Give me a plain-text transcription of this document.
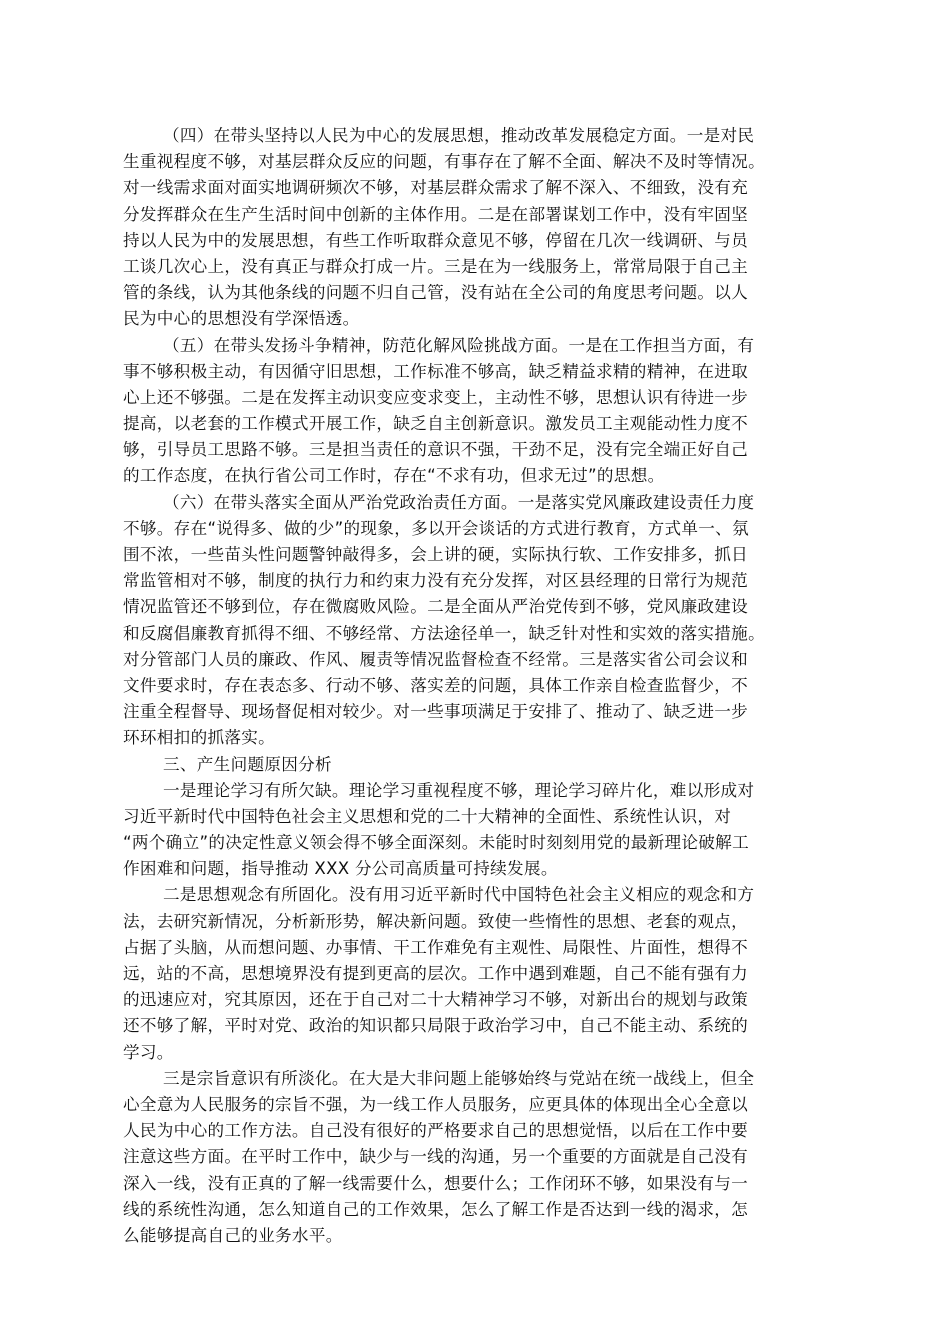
（四）在带头坚持以人民为中心的发展思想，推动改革发展稳定方面。一是对民
生重视程度不够，对基层群众反应的问题，有事存在了解不全面、解决不及时等情况。
对一线需求面对面实地调研频次不够，对基层群众需求了解不深入、不细致，没有充
分发挥群众在生产生活时间中创新的主体作用。二是在部署谋划工作中，没有牢固坚
持以人民为中的发展思想，有些工作听取群众意见不够，停留在几次一线调研、与员
工谈几次心上，没有真正与群众打成一片。三是在为一线服务上，常常局限于自己主
管的条线，认为其他条线的问题不归自己管，没有站在全公司的角度思考问题。以人
民为中心的思想没有学深悟透。
（五）在带头发扬斗争精神，防范化解风险挑战方面。一是在工作担当方面，有
事不够积极主动，有因循守旧思想，工作标准不够高，缺乏精益求精的精神，在进取
心上还不够强。二是在发挥主动识变应变求变上，主动性不够，思想认识有待进一步
提高，以老套的工作模式开展工作，缺乏自主创新意识。激发员工主观能动性力度不
够，引导员工思路不够。三是担当责任的意识不强，干劲不足，没有完全端正好自己
的工作态度，在执行省公司工作时，存在“不求有功，但求无过”的思想。
（六）在带头落实全面从严治党政治责任方面。一是落实党风廉政建设责任力度
不够。存在“说得多、做的少”的现象，多以开会谈话的方式进行教育，方式单一、氛
围不浓，一些苗头性问题警钟敲得多，会上讲的硬，实际执行软、工作安排多，抓日
常监管相对不够，制度的执行力和约束力没有充分发挥，对区县经理的日常行为规范
情况监管还不够到位，存在微腐败风险。二是全面从严治党传到不够，党风廉政建设
和反腐倡廉教育抓得不细、不够经常、方法途径单一，缺乏针对性和实效的落实措施。
对分管部门人员的廉政、作风、履责等情况监督检查不经常。三是落实省公司会议和
文件要求时，存在表态多、行动不够、落实差的问题，具体工作亲自检查监督少，不
注重全程督导、现场督促相对较少。对一些事项满足于安排了、推动了、缺乏进一步
环环相扣的抓落实。
三、产生问题原因分析
一是理论学习有所欠缺。理论学习重视程度不够，理论学习碎片化，难以形成对
习近平新时代中国特色社会主义思想和党的二十大精神的全面性、系统性认识，对
“两个确立”的决定性意义领会得不够全面深刻。未能时时刻刻用党的最新理论破解工
作困难和问题，指导推动 XXX 分公司高质量可持续发展。
二是思想观念有所固化。没有用习近平新时代中国特色社会主义相应的观念和方
法，去研究新情况，分析新形势，解决新问题。致使一些惰性的思想、老套的观点，
占据了头脑，从而想问题、办事情、干工作难免有主观性、局限性、片面性，想得不
远，站的不高，思想境界没有提到更高的层次。工作中遇到难题，自己不能有强有力
的迅速应对，究其原因，还在于自己对二十大精神学习不够，对新出台的规划与政策
还不够了解，平时对党、政治的知识都只局限于政治学习中，自己不能主动、系统的
学习。
三是宗旨意识有所淡化。在大是大非问题上能够始终与党站在统一战线上，但全
心全意为人民服务的宗旨不强，为一线工作人员服务，应更具体的体现出全心全意以
人民为中心的工作方法。自己没有很好的严格要求自己的思想觉悟，以后在工作中要
注意这些方面。在平时工作中，缺少与一线的沟通，另一个重要的方面就是自己没有
深入一线，没有正真的了解一线需要什么，想要什么；工作闭环不够，如果没有与一
线的系统性沟通，怎么知道自己的工作效果，怎么了解工作是否达到一线的渴求，怎
么能够提高自己的业务水平。
